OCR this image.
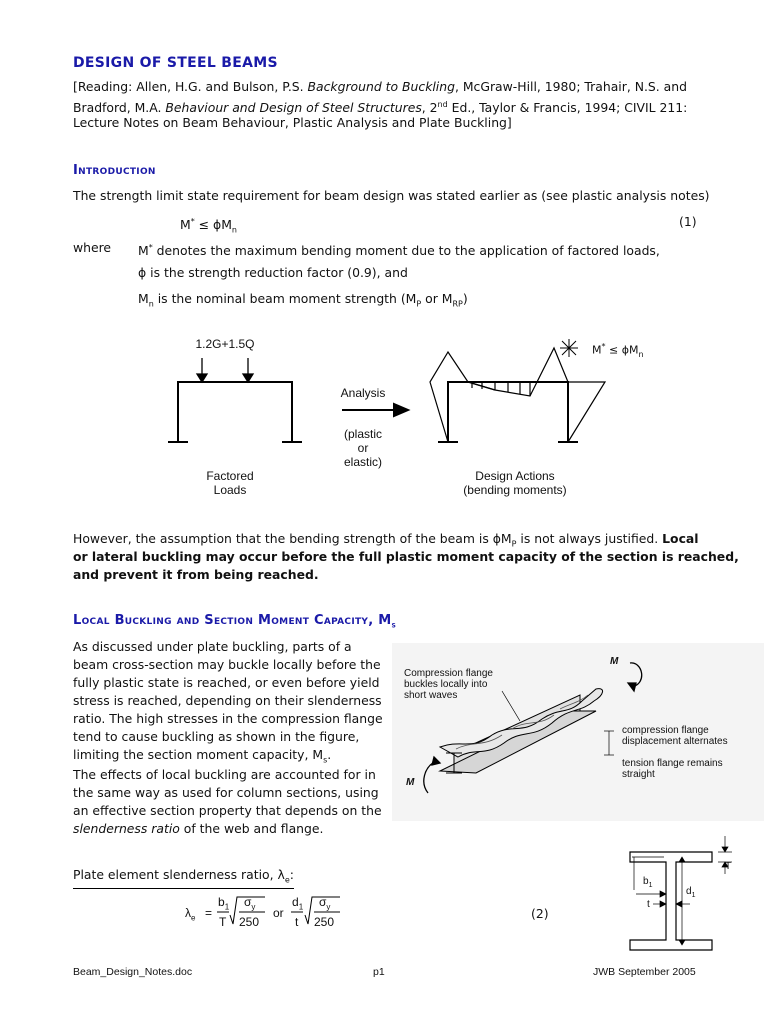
DESIGN OF STEEL BEAMS
[Reading: Allen, H.G. and Bulson, P.S. Background to Buckling, McGraw-Hill, 1980; Trahair, N.S. and
Bradford, M.A. Behaviour and Design of Steel Structures, 2nd Ed., Taylor & Francis, 1994; CIVIL 211:
Lecture Notes on Beam Behaviour, Plastic Analysis and Plate Buckling]
Introduction
The strength limit state requirement for beam design was stated earlier as (see plastic analysis notes)
$M^* \le \phi M_n$
(1)
where M* denotes the maximum bending moment due to the application of factored loads,
ϕ is the strength reduction factor (0.9), and
$M_n$ is the nominal beam moment strength ($M_P$ or $M_{RP}$)
1.2G+1.5Q
Factored
Loads
Analysis
(plastic
or
elastic)
Design Actions
(bending moments)
$M^* \le \phi M_n$
However, the assumption that the bending strength of the beam is $\phi M_P$ is not always justified. Local
or lateral buckling may occur before the full plastic moment capacity of the section is reached,
and prevent it from being reached.
Local Buckling and Section Moment Capacity, $M_s$
As discussed under plate buckling, parts of a
beam cross-section may buckle locally before the
fully plastic state is reached, or even before yield
stress is reached, depending on their slenderness
ratio. The high stresses in the compression flange
tend to cause buckling as shown in the figure,
limiting the section moment capacity, $M_s$.
The effects of local buckling are accounted for in
the same way as used for column sections, using
an effective section property that depends on the
slenderness ratio of the web and flange.
Compression flange
buckles locally into
short waves
compression flange
displacement alternates
tension flange remains
straight
M
M
Plate element slenderness ratio, $\lambda_e$:
$\lambda_e$ =
$b_1$
T
$\sigma_y$
250
or
$d_1$
t
$\sigma_y$
250
(2)
T
$b_1$
$d_1$
t
Beam_Design_Notes.doc	p1	JWB September 2005
